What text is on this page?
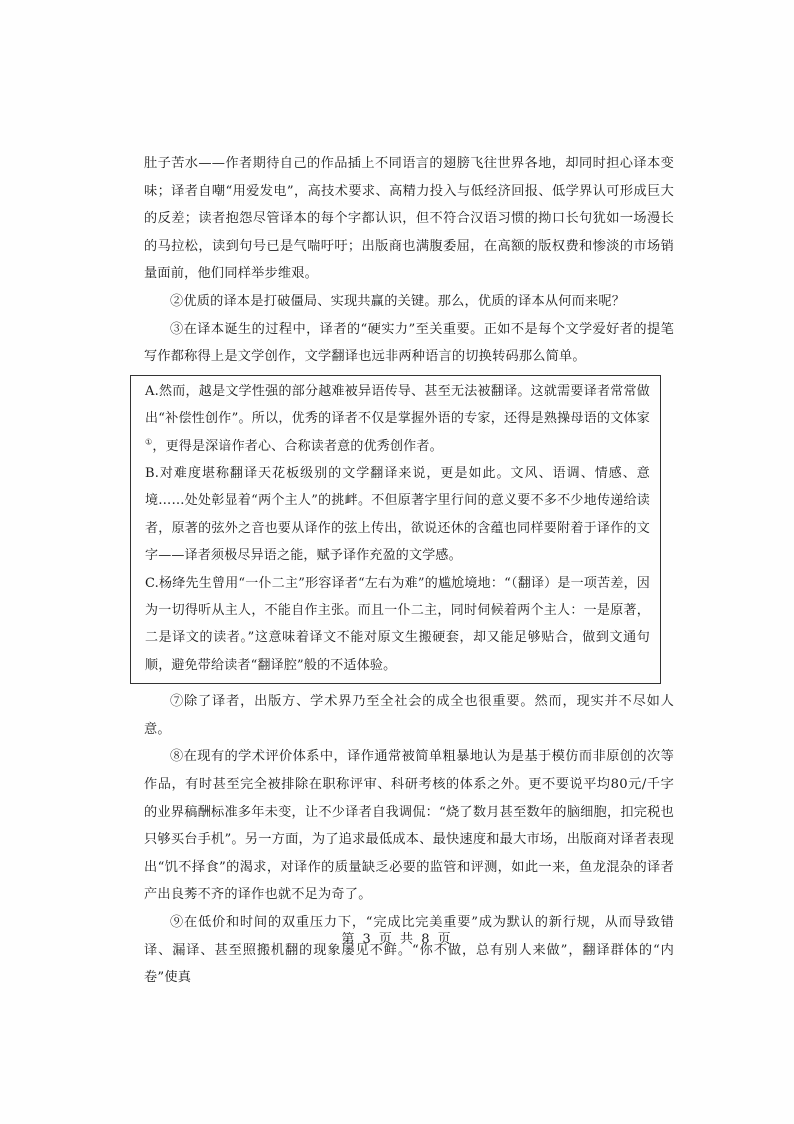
肚子苦水——作者期待自己的作品插上不同语言的翅膀飞往世界各地，却同时担心译本变味；译者自嘲“用爱发电”，高技术要求、高精力投入与低经济回报、低学界认可形成巨大的反差；读者抱怨尽管译本的每个字都认识，但不符合汉语习惯的拗口长句犹如一场漫长的马拉松，读到句号已是气喘吁吁；出版商也满腹委屈，在高额的版权费和惨淡的市场销量面前，他们同样举步维艰。

②优质的译本是打破僵局、实现共赢的关键。那么，优质的译本从何而来呢？

③在译本诞生的过程中，译者的“硬实力”至关重要。正如不是每个文学爱好者的提笔写作都称得上是文学创作，文学翻译也远非两种语言的切换转码那么简单。

A.然而，越是文学性强的部分越难被异语传导、甚至无法被翻译。这就需要译者常常做出“补偿性创作”。所以，优秀的译者不仅是掌握外语的专家，还得是熟操母语的文体家①，更得是深谙作者心、合称读者意的优秀创作者。

B.对难度堪称翻译天花板级别的文学翻译来说，更是如此。文风、语调、情感、意境……处处彰显着“两个主人”的挑衅。不但原著字里行间的意义要不多不少地传递给读者，原著的弦外之音也要从译作的弦上传出，欲说还休的含蕴也同样要附着于译作的文字——译者须极尽异语之能，赋予译作充盈的文学感。

C.杨绛先生曾用“一仆二主”形容译者“左右为难”的尴尬境地：“（翻译）是一项苦差，因为一切得听从主人，不能自作主张。而且一仆二主，同时伺候着两个主人：一是原著，二是译文的读者。”这意味着译文不能对原文生搬硬套，却又能足够贴合，做到文通句顺，避免带给读者“翻译腔”般的不适体验。

⑦除了译者，出版方、学术界乃至全社会的成全也很重要。然而，现实并不尽如人意。

⑧在现有的学术评价体系中，译作通常被简单粗暴地认为是基于模仿而非原创的次等作品，有时甚至完全被排除在职称评审、科研考核的体系之外。更不要说平均80元/千字的业界稿酬标准多年未变，让不少译者自我调侃：“烧了数月甚至数年的脑细胞，扣完税也只够买台手机”。另一方面，为了追求最低成本、最快速度和最大市场，出版商对译者表现出“饥不择食”的渴求，对译作的质量缺乏必要的监管和评测，如此一来，鱼龙混杂的译者产出良莠不齐的译作也就不足为奇了。

⑨在低价和时间的双重压力下，“完成比完美重要”成为默认的新行规，从而导致错译、漏译、甚至照搬机翻的现象屡见不鲜。“你不做，总有别人来做”，翻译群体的“内卷”使真

第 3 页 共 8 页
